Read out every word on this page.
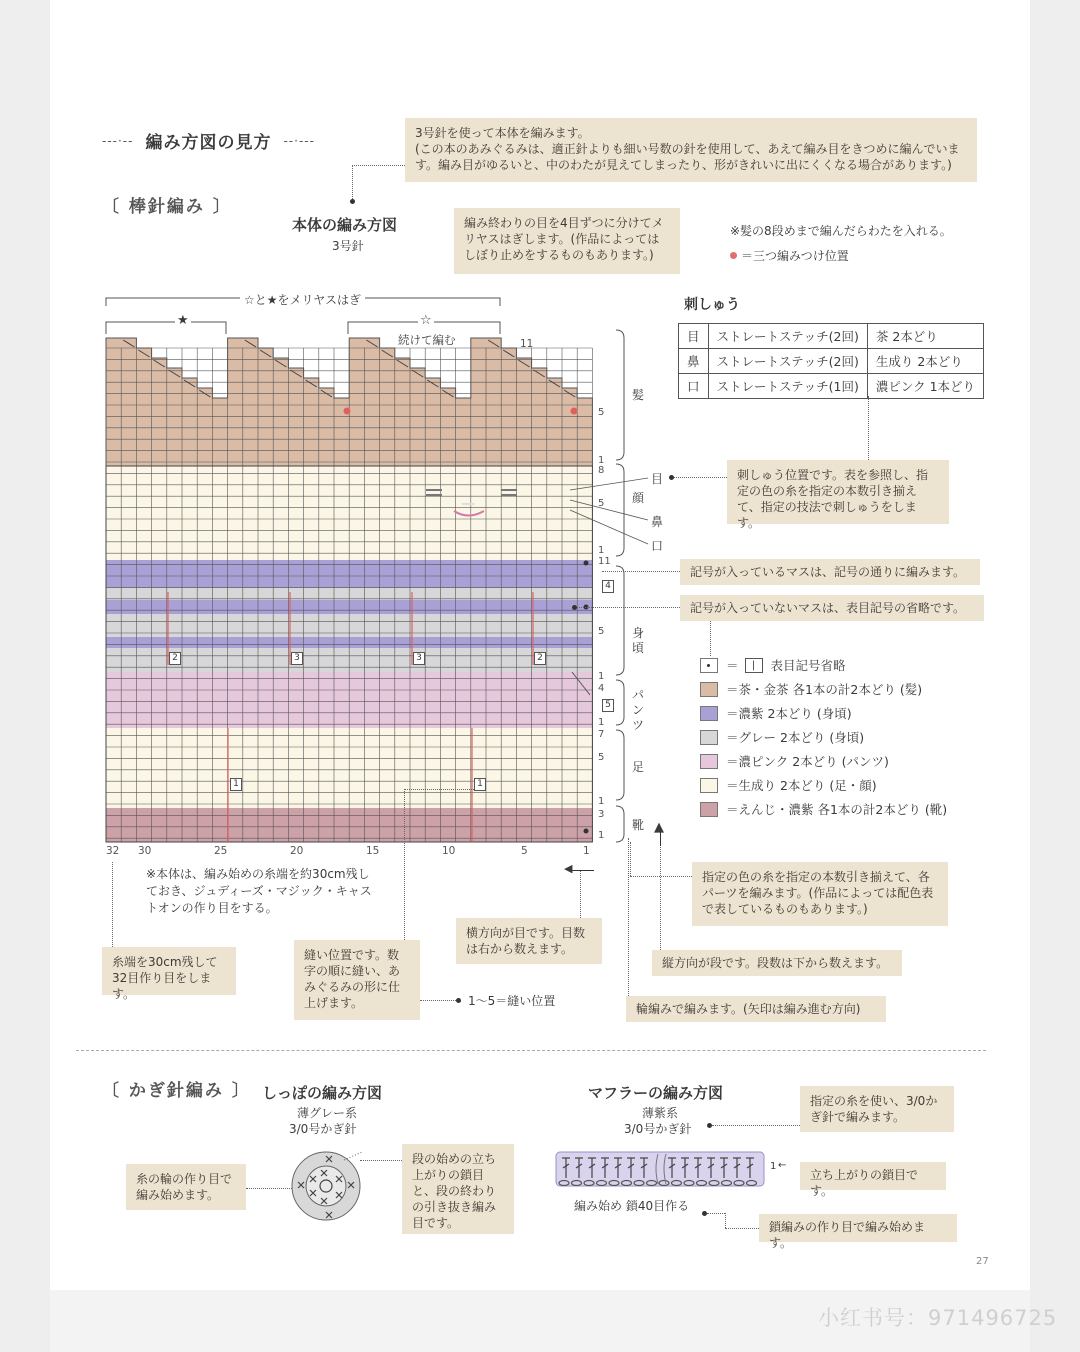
---·-- 編み方図の見方 --·---
〔 棒針編み 〕
3号針を使って本体を編みます。
(この本のあみぐるみは、適正針よりも細い号数の針を使用して、あえて編み目をきつめに編んでいます。編み目がゆるいと、中のわたが見えてしまったり、形がきれいに出にくくなる場合があります。)
本体の編み方図
3号針
編み終わりの目を4目ずつに分けてメリヤスはぎします。(作品によってはしぼり止めをするものもあります。)
※髪の8段めまで編んだらわたを入れる。
＝三つ編みつけ位置
☆と★をメリヤスはぎ
★	☆
続けて編む	11
32 30	25	20	15	10	5	1
5
1
8
5
1
11
5
1
4
1
7
5
1
3
1
髪
顔
身頃
パンツ
足
靴
目
鼻
口
2	3	3	2
1	1
4
5
刺しゅう
目	ストレートステッチ(2回)	茶 2本どり
鼻	ストレートステッチ(2回)	生成り 2本どり
口	ストレートステッチ(1回)	濃ピンク 1本どり
刺しゅう位置です。表を参照し、指定の色の糸を指定の本数引き揃えて、指定の技法で刺しゅうをします。
記号が入っているマスは、記号の通りに編みます。
記号が入っていないマスは、表目記号の省略です。
＝	|	表目記号省略
＝茶・金茶 各1本の計2本どり (髪)
＝濃紫 2本どり (身頃)
＝グレー 2本どり (身頃)
＝濃ピンク 2本どり (パンツ)
＝生成り 2本どり (足・顔)
＝えんじ・濃紫 各1本の計2本どり (靴)
指定の色の糸を指定の本数引き揃えて、各パーツを編みます。(作品によっては配色表で表しているものもあります。)
※本体は、編み始めの糸端を約30cm残しておき、ジュディーズ・マジック・キャストオンの作り目をする。
糸端を30cm残して32目作り目をします。
縫い位置です。数字の順に縫い、あみぐるみの形に仕上げます。	1〜5＝縫い位置
横方向が目です。目数は右から数えます。
◀
縦方向が段です。段数は下から数えます。
▲
輪編みで編みます。(矢印は編み進む方向)
〔 かぎ針編み 〕 しっぽの編み方図
薄グレー系
3/0号かぎ針
糸の輪の作り目で編み始めます。
段の始めの立ち上がりの鎖目と、段の終わりの引き抜き編み目です。
マフラーの編み方図
薄紫系
3/0号かぎ針
指定の糸を使い、3/0かぎ針で編みます。
1 ←
立ち上がりの鎖目です。
編み始め 鎖40目作る
鎖編みの作り目で編み始めます。
27
小红书号：971496725
